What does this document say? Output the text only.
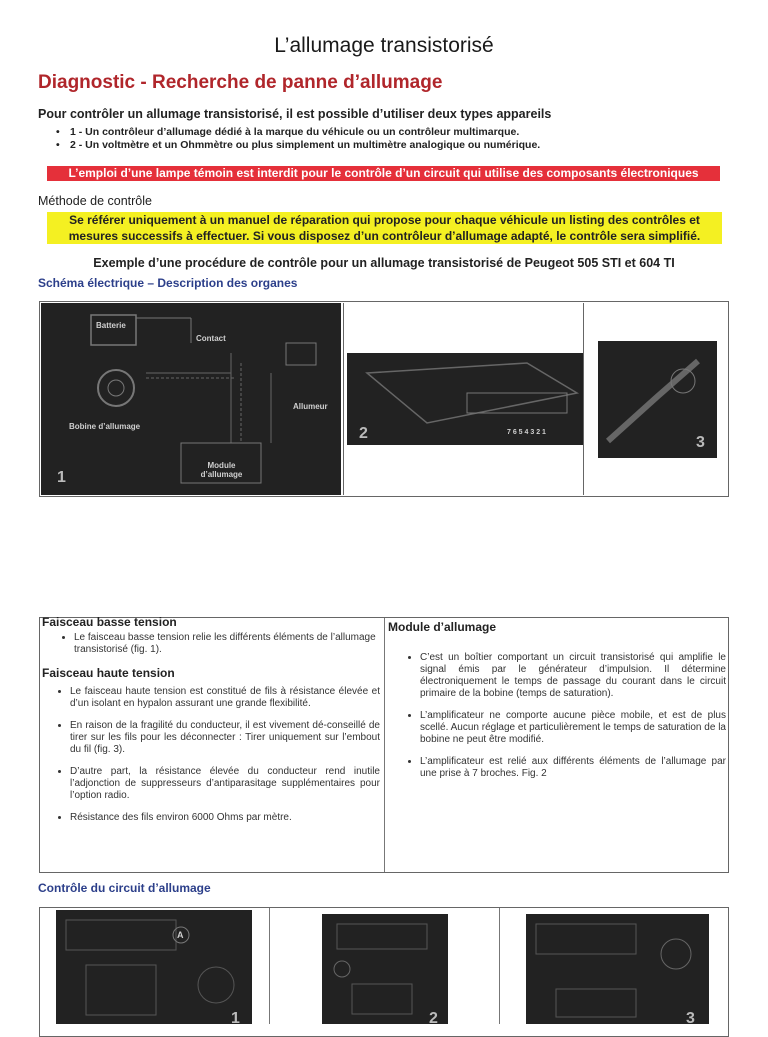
L’allumage transistorisé
Diagnostic - Recherche de panne d’allumage
Pour contrôler un allumage transistorisé, il est possible d’utiliser deux types appareils
• 1 - Un contrôleur d’allumage dédié à la marque du véhicule ou un contrôleur multimarque.
• 2 - Un voltmètre et un Ohmmètre ou plus simplement un multimètre analogique ou numérique.
L’emploi d’une lampe témoin est interdit pour le contrôle d’un circuit qui utilise des composants électroniques
Méthode de contrôle
Se référer uniquement à un manuel de réparation qui propose pour chaque véhicule un listing des contrôles et mesures successifs à effectuer. Si vous disposez d’un contrôleur d’allumage adapté, le contrôle sera simplifié.
Exemple d’une procédure de contrôle pour un allumage transistorisé de Peugeot 505 STI et 604 TI
Schéma électrique – Description des organes
Batterie
Contact
Allumeur
Bobine d’allumage
Module d’allumage
1
7 6 5 4 3 2 1
2
3
Faisceau basse tension
• Le faisceau basse tension relie les différents éléments de l’allumage transistorisé (fig. 1).
Faisceau haute tension
• Le faisceau haute tension est constitué de fils à résistance élevée et d’un isolant en hypalon assurant une grande flexibilité.
• En raison de la fragilité du conducteur, il est vivement dé-conseillé de tirer sur les fils pour les déconnecter : Tirer uniquement sur l’embout du fil (fig. 3).
• D’autre part, la résistance élevée du conducteur rend inutile l’adjonction de suppresseurs d’antiparasitage supplémentaires pour l’option radio.
• Résistance des fils environ 6000 Ohms par mètre.
Module d’allumage
• C’est un boîtier comportant un circuit transistorisé qui amplifie le signal émis par le générateur d’impulsion. Il détermine électroniquement le temps de passage du courant dans le circuit primaire de la bobine (temps de saturation).
• L’amplificateur ne comporte aucune pièce mobile, et est de plus scellé. Aucun réglage et particulièrement le temps de saturation de la bobine ne peut être modifié.
• L’amplificateur est relié aux différents éléments de l’allumage par une prise à 7 broches. Fig. 2
Contrôle du circuit d’allumage
A
1	2	3
